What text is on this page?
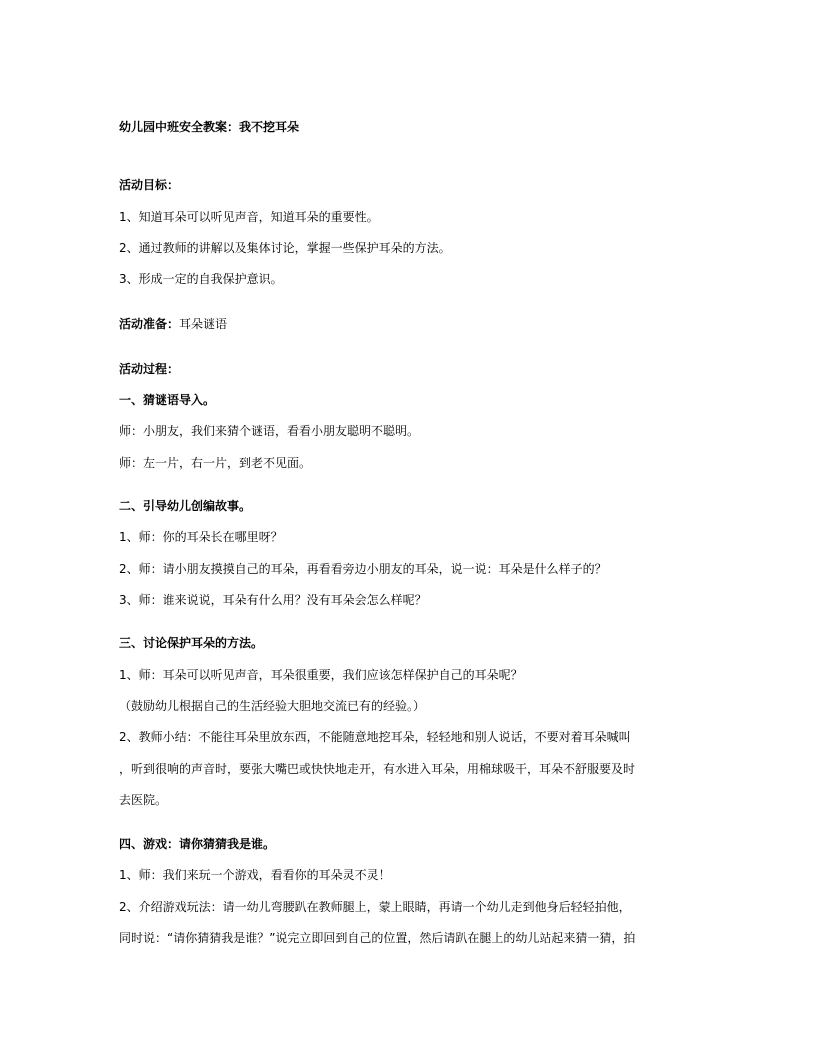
幼儿园中班安全教案：我不挖耳朵
活动目标：
1、知道耳朵可以听见声音，知道耳朵的重要性。
2、通过教师的讲解以及集体讨论，掌握一些保护耳朵的方法。
3、形成一定的自我保护意识。
活动准备：耳朵谜语
活动过程：
一、猜谜语导入。
师：小朋友，我们来猜个谜语，看看小朋友聪明不聪明。
师：左一片，右一片，到老不见面。
二、引导幼儿创编故事。
1、师：你的耳朵长在哪里呀？
2、师：请小朋友摸摸自己的耳朵，再看看旁边小朋友的耳朵，说一说：耳朵是什么样子的？
3、师：谁来说说，耳朵有什么用？没有耳朵会怎么样呢？
三、讨论保护耳朵的方法。
1、师：耳朵可以听见声音，耳朵很重要，我们应该怎样保护自己的耳朵呢？
（鼓励幼儿根据自己的生活经验大胆地交流已有的经验。）
2、教师小结：不能往耳朵里放东西，不能随意地挖耳朵，轻轻地和别人说话，不要对着耳朵喊叫
，听到很响的声音时，要张大嘴巴或快快地走开，有水进入耳朵，用棉球吸干，耳朵不舒服要及时
去医院。
四、游戏：请你猜猜我是谁。
1、师：我们来玩一个游戏，看看你的耳朵灵不灵！
2、介绍游戏玩法：请一幼儿弯腰趴在教师腿上，蒙上眼睛，再请一个幼儿走到他身后轻轻拍他，
同时说：“请你猜猜我是谁？”说完立即回到自己的位置，然后请趴在腿上的幼儿站起来猜一猜，拍
